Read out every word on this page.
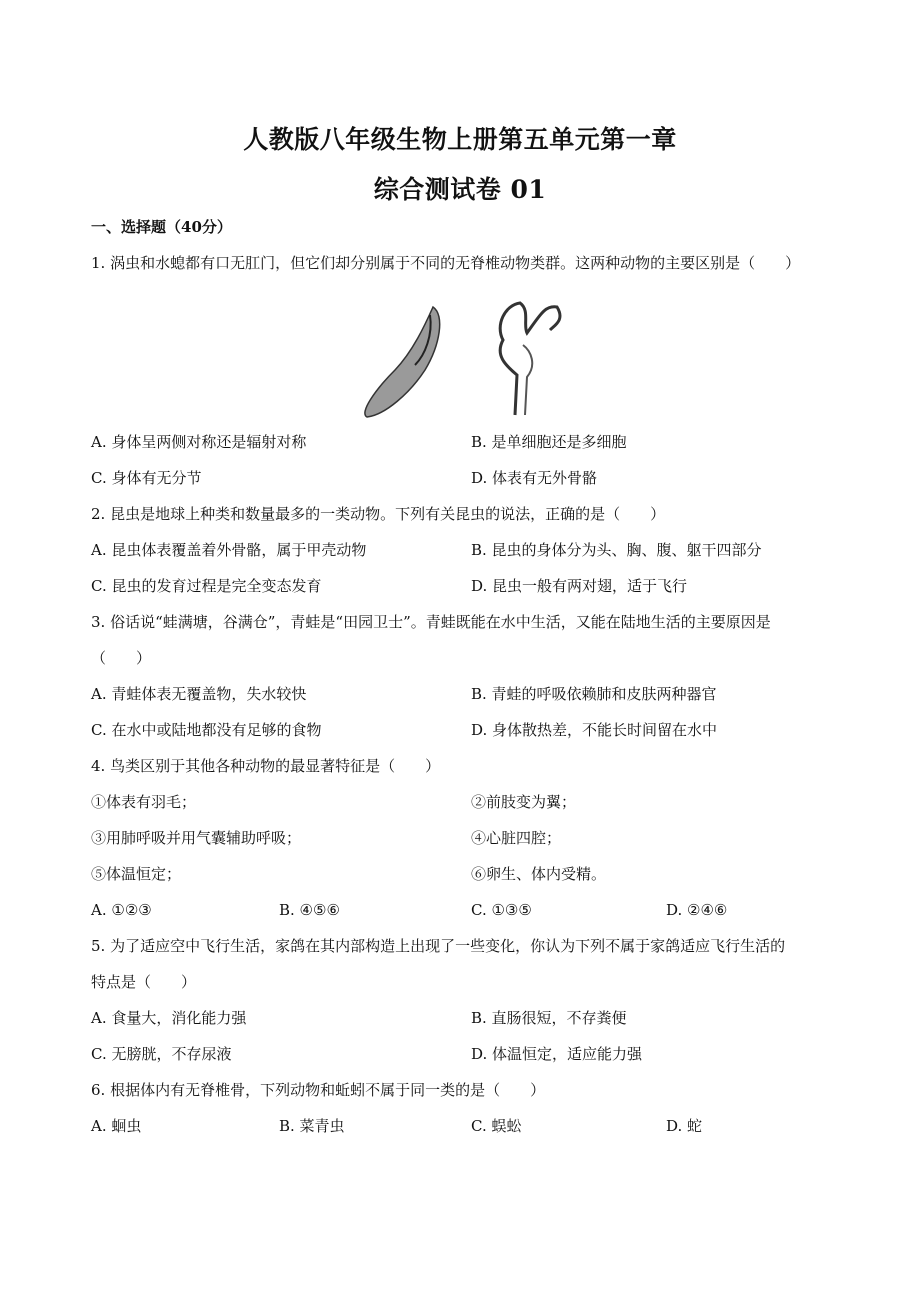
人教版八年级生物上册第五单元第一章
综合测试卷 01
一、选择题（40分）
1. 涡虫和水螅都有口无肛门，但它们却分别属于不同的无脊椎动物类群。这两种动物的主要区别是（　　）
A. 身体呈两侧对称还是辐射对称	B. 是单细胞还是多细胞
C. 身体有无分节	D. 体表有无外骨骼
2. 昆虫是地球上种类和数量最多的一类动物。下列有关昆虫的说法，正确的是（　　）
A. 昆虫体表覆盖着外骨骼，属于甲壳动物	B. 昆虫的身体分为头、胸、腹、躯干四部分
C. 昆虫的发育过程是完全变态发育	D. 昆虫一般有两对翅，适于飞行
3. 俗话说“蛙满塘，谷满仓”，青蛙是“田园卫士”。青蛙既能在水中生活，又能在陆地生活的主要原因是
（　　）
A. 青蛙体表无覆盖物，失水较快	B. 青蛙的呼吸依赖肺和皮肤两种器官
C. 在水中或陆地都没有足够的食物	D. 身体散热差，不能长时间留在水中
4. 鸟类区别于其他各种动物的最显著特征是（　　）
①体表有羽毛；	②前肢变为翼；
③用肺呼吸并用气囊辅助呼吸；	④心脏四腔；
⑤体温恒定；	⑥卵生、体内受精。
A. ①②③	B. ④⑤⑥	C. ①③⑤	D. ②④⑥
5. 为了适应空中飞行生活，家鸽在其内部构造上出现了一些变化，你认为下列不属于家鸽适应飞行生活的
特点是（　　）
A. 食量大，消化能力强	B. 直肠很短，不存粪便
C. 无膀胱，不存尿液	D. 体温恒定，适应能力强
6. 根据体内有无脊椎骨，下列动物和蚯蚓不属于同一类的是（　　）
A. 蛔虫	B. 菜青虫	C. 蜈蚣	D. 蛇
